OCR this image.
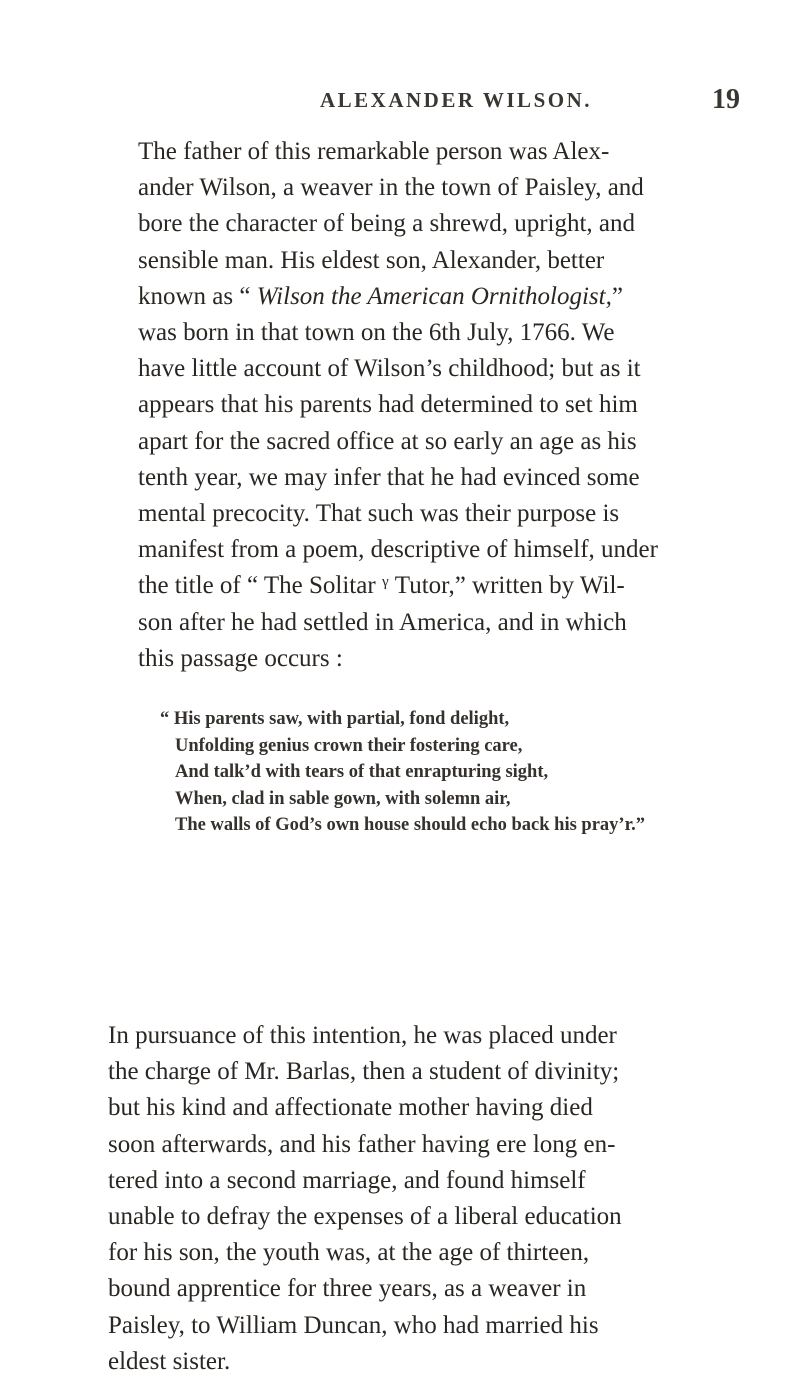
ALEXANDER WILSON.	19
The father of this remarkable person was Alex-
ander Wilson, a weaver in the town of Paisley, and
bore the character of being a shrewd, upright, and
sensible man. His eldest son, Alexander, better
known as “ Wilson the American Ornithologist,”
was born in that town on the 6th July, 1766. We
have little account of Wilson’s childhood; but as it
appears that his parents had determined to set him
apart for the sacred office at so early an age as his
tenth year, we may infer that he had evinced some
mental precocity. That such was their purpose is
manifest from a poem, descriptive of himself, under
the title of “ The Solitar ᵞ Tutor,” written by Wil-
son after he had settled in America, and in which
this passage occurs :
“ His parents saw, with partial, fond delight,
Unfolding genius crown their fostering care,
And talk’d with tears of that enrapturing sight,
When, clad in sable gown, with solemn air,
The walls of God’s own house should echo back his pray’r.”
In pursuance of this intention, he was placed under
the charge of Mr. Barlas, then a student of divinity;
but his kind and affectionate mother having died
soon afterwards, and his father having ere long en-
tered into a second marriage, and found himself
unable to defray the expenses of a liberal education
for his son, the youth was, at the age of thirteen,
bound apprentice for three years, as a weaver in
Paisley, to William Duncan, who had married his
eldest sister.
